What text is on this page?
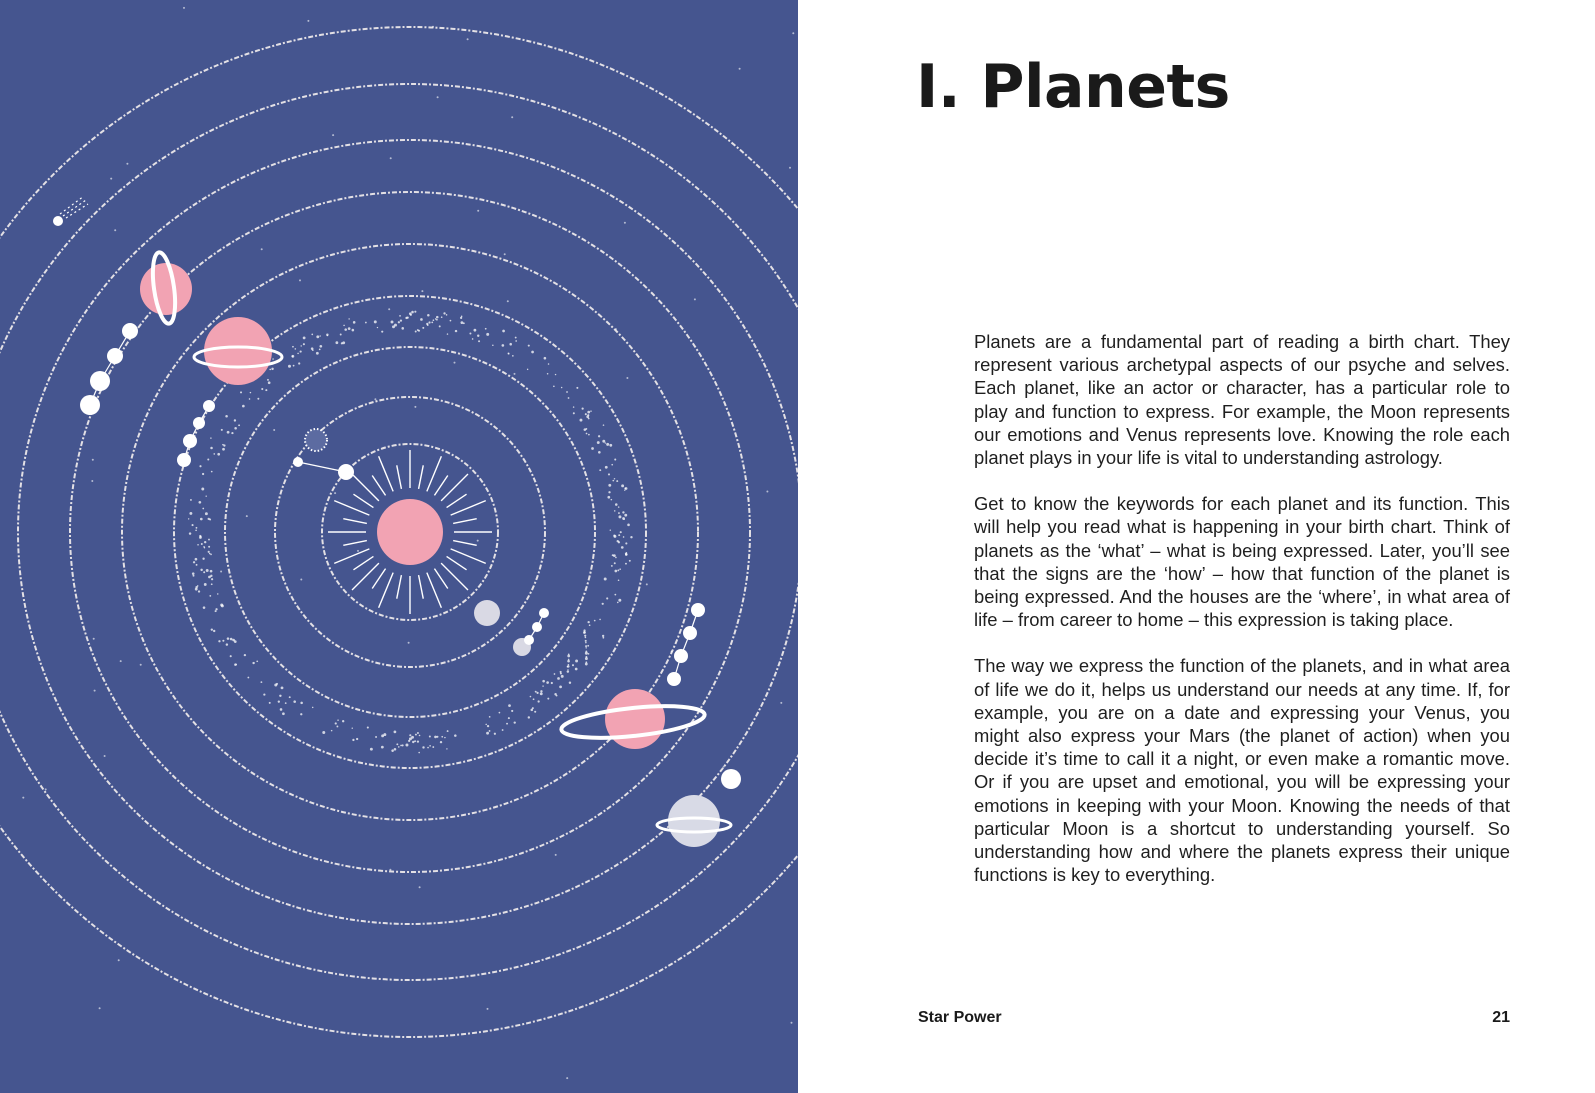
I. Planets

Planets are a fundamental part of reading a birth chart. They represent various archetypal aspects of our psyche and selves. Each planet, like an actor or character, has a particular role to play and function to express. For example, the Moon represents our emotions and Venus represents love. Knowing the role each planet plays in your life is vital to understanding astrology.

Get to know the keywords for each planet and its function. This will help you read what is happening in your birth chart. Think of planets as the ‘what’ – what is being expressed. Later, you’ll see that the signs are the ‘how’ – how that function of the planet is being expressed. And the houses are the ‘where’, in what area of life – from career to home – this expression is taking place.

The way we express the function of the planets, and in what area of life we do it, helps us understand our needs at any time. If, for example, you are on a date and expressing your Venus, you might also express your Mars (the planet of action) when you decide it’s time to call it a night, or even make a romantic move. Or if you are upset and emotional, you will be expressing your emotions in keeping with your Moon. Knowing the needs of that particular Moon is a shortcut to understanding yourself. So understanding how and where the planets express their unique functions is key to everything.

Star Power	21
